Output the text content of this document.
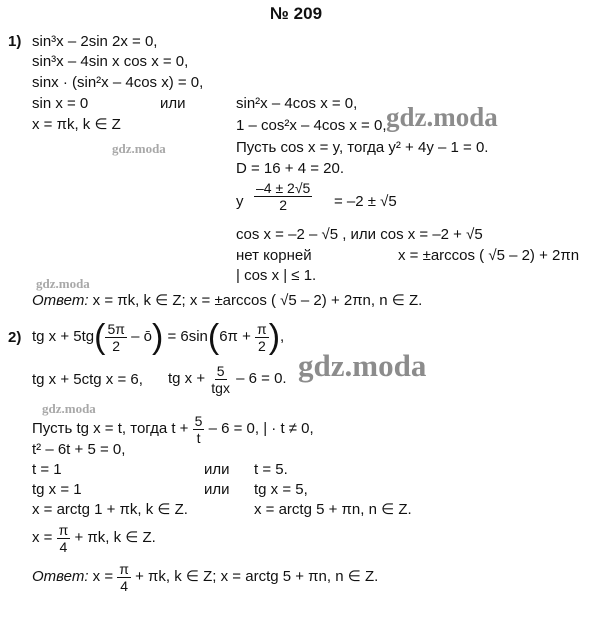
№ 209
gdz.moda
gdz.moda
gdz.moda
gdz.moda
gdz.moda
1) sin³x – 2sin 2x = 0,
sin³x – 4sin x cos x = 0,
sinx · (sin²x – 4cos x) = 0,
sin x = 0	или
x = πk, k ∈ Z
sin²x – 4cos x = 0,
1 – cos²x – 4cos x = 0,
Пусть cos x = y, тогда y² + 4y – 1 = 0.
D = 16 + 4 = 20.
y $\frac{-4 \pm 2√5}{2} = -2 \pm √5$
cos x = –2 – √5 , или cos x = –2 + √5
нет корней	x = ±arccos ( √5 – 2) + 2πn
| cos x | ≤ 1.
Ответ: x = πk, k ∈ Z; x = ±arccos ( √5 – 2) + 2πn, n ∈ Z.
2) tg $x + 5tg( \frac{5\pi}{2}$ – ō) = $6\sin(6\pi + \frac{\pi}{2}$ ),
tg x + 5ctg x = 6, tg $x + \frac{5}{\text{tgx}} - 6 = 0$.
Пусть tg x = t, тогда $t + \frac{5}{t} - 6 = 0$, | · t ≠ 0,
t² – 6t + 5 = 0,
t = 1	или t = 5.
tg x = 1	или tg x = 5,
x = arctg 1 + πk, k ∈ Z.	x = arctg 5 + πn, n ∈ Z.
$x = \frac{\pi}{4} + \pi k$, k ∈ Z.
Ответ: $x = \frac{\pi}{4} + \pi k$, k ∈ Z; x = arctg 5 + πn, n ∈ Z.
